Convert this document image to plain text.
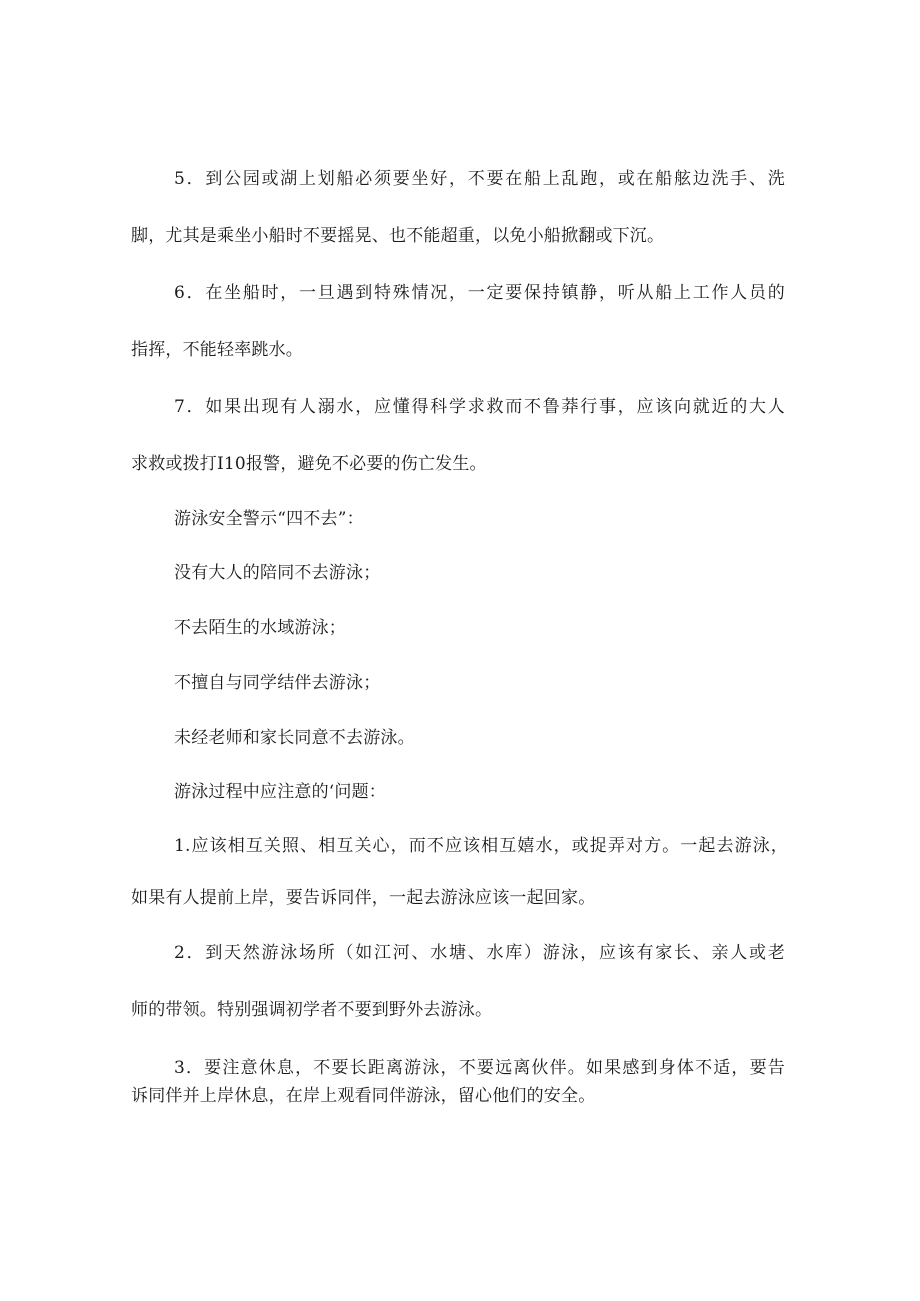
5．到公园或湖上划船必须要坐好，不要在船上乱跑，或在船舷边洗手、洗
脚，尤其是乘坐小船时不要摇晃、也不能超重，以免小船掀翻或下沉。
6．在坐船时，一旦遇到特殊情况，一定要保持镇静，听从船上工作人员的
指挥，不能轻率跳水。
7．如果出现有人溺水，应懂得科学求救而不鲁莽行事，应该向就近的大人
求救或拨打I10报警，避免不必要的伤亡发生。
游泳安全警示“四不去”：
没有大人的陪同不去游泳；
不去陌生的水域游泳；
不擅自与同学结伴去游泳；
未经老师和家长同意不去游泳。
游泳过程中应注意的‘问题：
1.应该相互关照、相互关心，而不应该相互嬉水，或捉弄对方。一起去游泳，
如果有人提前上岸，要告诉同伴，一起去游泳应该一起回家。
2．到天然游泳场所（如江河、水塘、水库）游泳，应该有家长、亲人或老
师的带领。特别强调初学者不要到野外去游泳。
3．要注意休息，不要长距离游泳，不要远离伙伴。如果感到身体不适，要告
诉同伴并上岸休息，在岸上观看同伴游泳，留心他们的安全。
